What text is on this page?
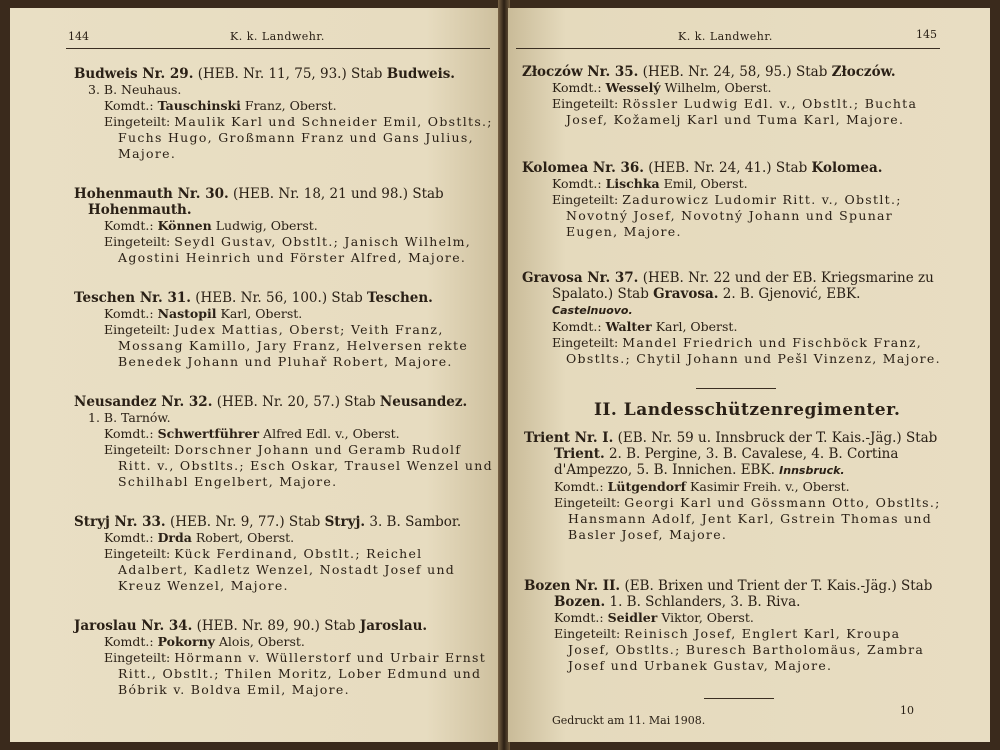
144	K. k. Landwehr.

Budweis Nr. 29. (HEB. Nr. 11, 75, 93.) Stab Budweis.

3. B. Neuhaus.

Komdt.: Tauschinski Franz, Oberst.

Eingeteilt: Maulik Karl und Schneider Emil, Obstlts.; Fuchs Hugo, Großmann Franz und Gans Julius, Majore.

Hohenmauth Nr. 30. (HEB. Nr. 18, 21 und 98.) Stab

Hohenmauth.

Komdt.: Können Ludwig, Oberst.

Eingeteilt: Seydl Gustav, Obstlt.; Janisch Wilhelm, Agostini Heinrich und Förster Alfred, Majore.

Teschen Nr. 31. (HEB. Nr. 56, 100.) Stab Teschen.

Komdt.: Nastopil Karl, Oberst.

Eingeteilt: Judex Mattias, Oberst; Veith Franz, Mossang Kamillo, Jary Franz, Helversen rekte Benedek Johann und Pluhař Robert, Majore.

Neusandez Nr. 32. (HEB. Nr. 20, 57.) Stab Neusandez.

1. B. Tarnów.

Komdt.: Schwertführer Alfred Edl. v., Oberst.

Eingeteilt: Dorschner Johann und Geramb Rudolf Ritt. v., Obstlts.; Esch Oskar, Trausel Wenzel und Schilhabl Engelbert, Majore.

Stryj Nr. 33. (HEB. Nr. 9, 77.) Stab Stryj. 3. B. Sambor.

Komdt.: Drda Robert, Oberst.

Eingeteilt: Kück Ferdinand, Obstlt.; Reichel Adalbert, Kadletz Wenzel, Nostadt Josef und Kreuz Wenzel, Majore.

Jaroslau Nr. 34. (HEB. Nr. 89, 90.) Stab Jaroslau.

Komdt.: Pokorny Alois, Oberst.

Eingeteilt: Hörmann v. Wüllerstorf und Urbair Ernst Ritt., Obstlt.; Thilen Moritz, Lober Edmund und Bóbrik v. Boldva Emil, Majore.

K. k. Landwehr.	145

Złoczów Nr. 35. (HEB. Nr. 24, 58, 95.) Stab Złoczów.

Komdt.: Wesselý Wilhelm, Oberst.

Eingeteilt: Rössler Ludwig Edl. v., Obstlt.; Buchta Josef, Kožamelj Karl und Tuma Karl, Majore.

Kolomea Nr. 36. (HEB. Nr. 24, 41.) Stab Kolomea.

Komdt.: Lischka Emil, Oberst.

Eingeteilt: Zadurowicz Ludomir Ritt. v., Obstlt.; Novotný Josef, Novotný Johann und Spunar Eugen, Majore.

Gravosa Nr. 37. (HEB. Nr. 22 und der EB. Kriegsmarine zu Spalato.) Stab Gravosa. 2. B. Gjenović, EBK. Castelnuovo.

Komdt.: Walter Karl, Oberst.

Eingeteilt: Mandel Friedrich und Fischböck Franz, Obstlts.; Chytil Johann und Pešl Vinzenz, Majore.

II. Landesschützenregimenter.

Trient Nr. I. (EB. Nr. 59 u. Innsbruck der T. Kais.-Jäg.) Stab Trient. 2. B. Pergine, 3. B. Cavalese, 4. B. Cortina d'Ampezzo, 5. B. Innichen. EBK. Innsbruck.

Komdt.: Lütgendorf Kasimir Freih. v., Oberst.

Eingeteilt: Georgi Karl und Gössmann Otto, Obstlts.; Hansmann Adolf, Jent Karl, Gstrein Thomas und Basler Josef, Majore.

Bozen Nr. II. (EB. Brixen und Trient der T. Kais.-Jäg.) Stab Bozen. 1. B. Schlanders, 3. B. Riva.

Komdt.: Seidler Viktor, Oberst.

Eingeteilt: Reinisch Josef, Englert Karl, Kroupa Josef, Obstlts.; Buresch Bartholomäus, Zambra Josef und Urbanek Gustav, Majore.

Gedruckt am 11. Mai 1908.
10
